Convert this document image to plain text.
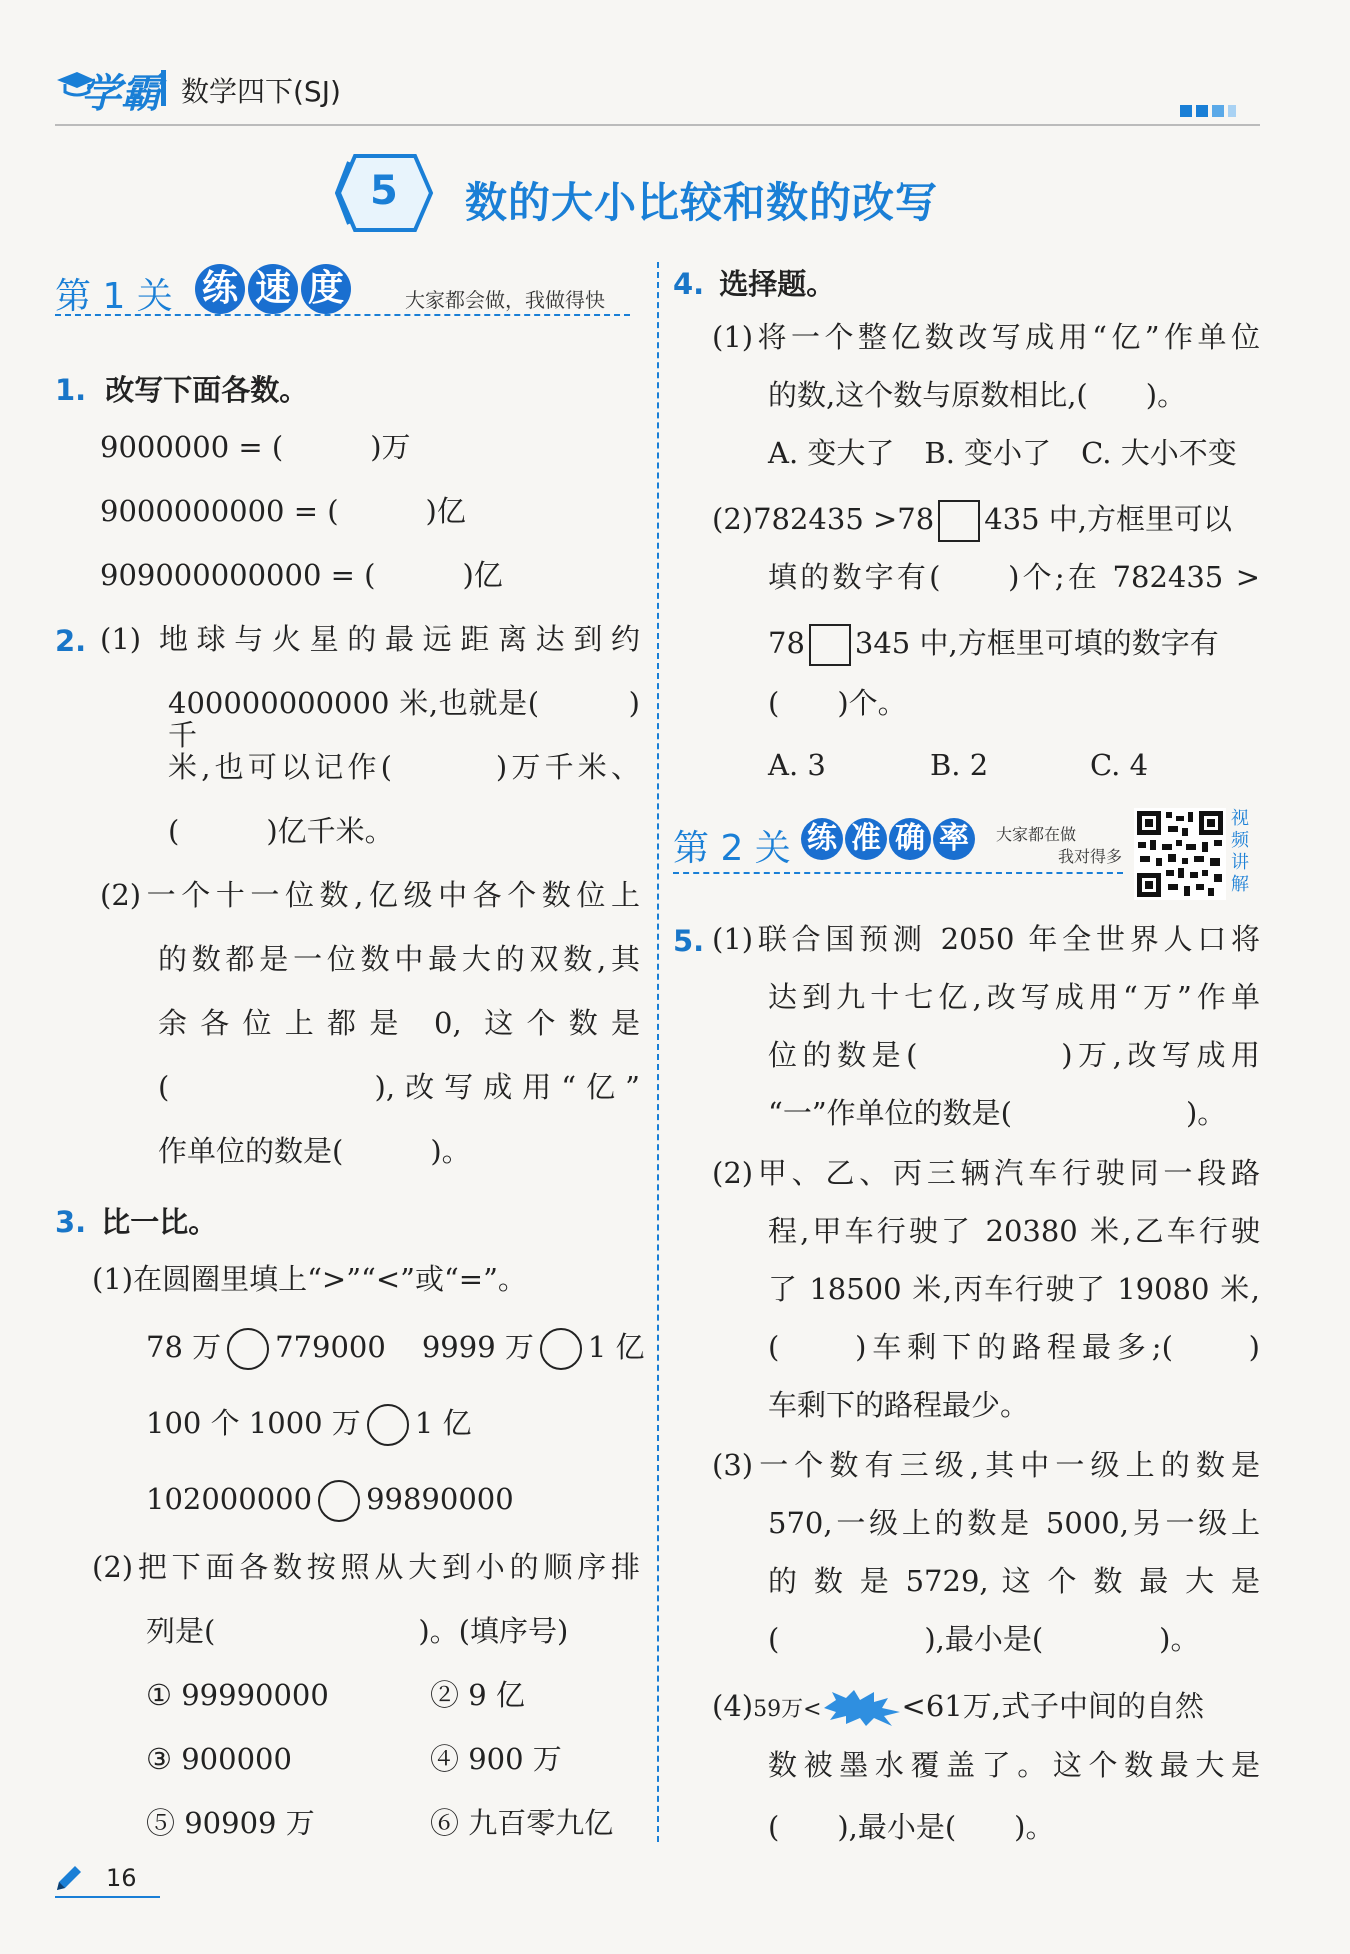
学霸 数学四下(SJ)
5 数的大小比较和数的改写
第 1 关 练 速 度	大家都会做，我做得快
1. 改写下面各数。
9000000 = (　　　)万
9000000000 = (　　　)亿
909000000000 = (　　　)亿
2. (1) 地球与火星的最远距离达到约
400000000000 米,也就是(　　　)千
米,也可以记作(　　　)万千米、
(　　　)亿千米。
(2)一个十一位数,亿级中各个数位上
的数都是一位数中最大的双数,其
余各位上都是 0, 这个数是
(　　　　　),改写成用“亿”
作单位的数是(　　　)。
3. 比一比。
(1)在圆圈里填上“>”“<”或“=”。
78 万 779000 9999 万 1 亿
100 个 1000 万 1 亿
102000000 99890000
(2)把下面各数按照从大到小的顺序排
列是(　　　　　　　)。(填序号)
① 99990000	② 9 亿
③ 900000	④ 900 万
⑤ 90909 万	⑥ 九百零九亿
4. 选择题。
(1)将一个整亿数改写成用“亿”作单位
的数,这个数与原数相比,(　　)。
A. 变大了 B. 变小了 C. 大小不变
(2)782435 >78 435 中,方框里可以
填的数字有(　　)个;在 782435 >
78 345 中,方框里可填的数字有
(　　)个。
A. 3	B. 2	C. 4
第 2 关 练 准 确 率	大家都在做
我对得多
视
频
讲
解
5. (1)联合国预测 2050 年全世界人口将
达到九十七亿,改写成用“万”作单
位的数是(　　　　)万,改写成用
“一”作单位的数是(　　　　　　)。
(2)甲、乙、丙三辆汽车行驶同一段路
程,甲车行驶了 20380 米,乙车行驶
了 18500 米,丙车行驶了 19080 米,
(　　)车剩下的路程最多;(　　)
车剩下的路程最少。
(3)一个数有三级,其中一级上的数是
570,一级上的数是 5000,另一级上
的 数 是 5729, 这 个 数 最 大 是
(　　　　　),最小是(　　　　)。
(4)59万<	<61万,式子中间的自然
数被墨水覆盖了。这个数最大是
(　　),最小是(　　)。
16
